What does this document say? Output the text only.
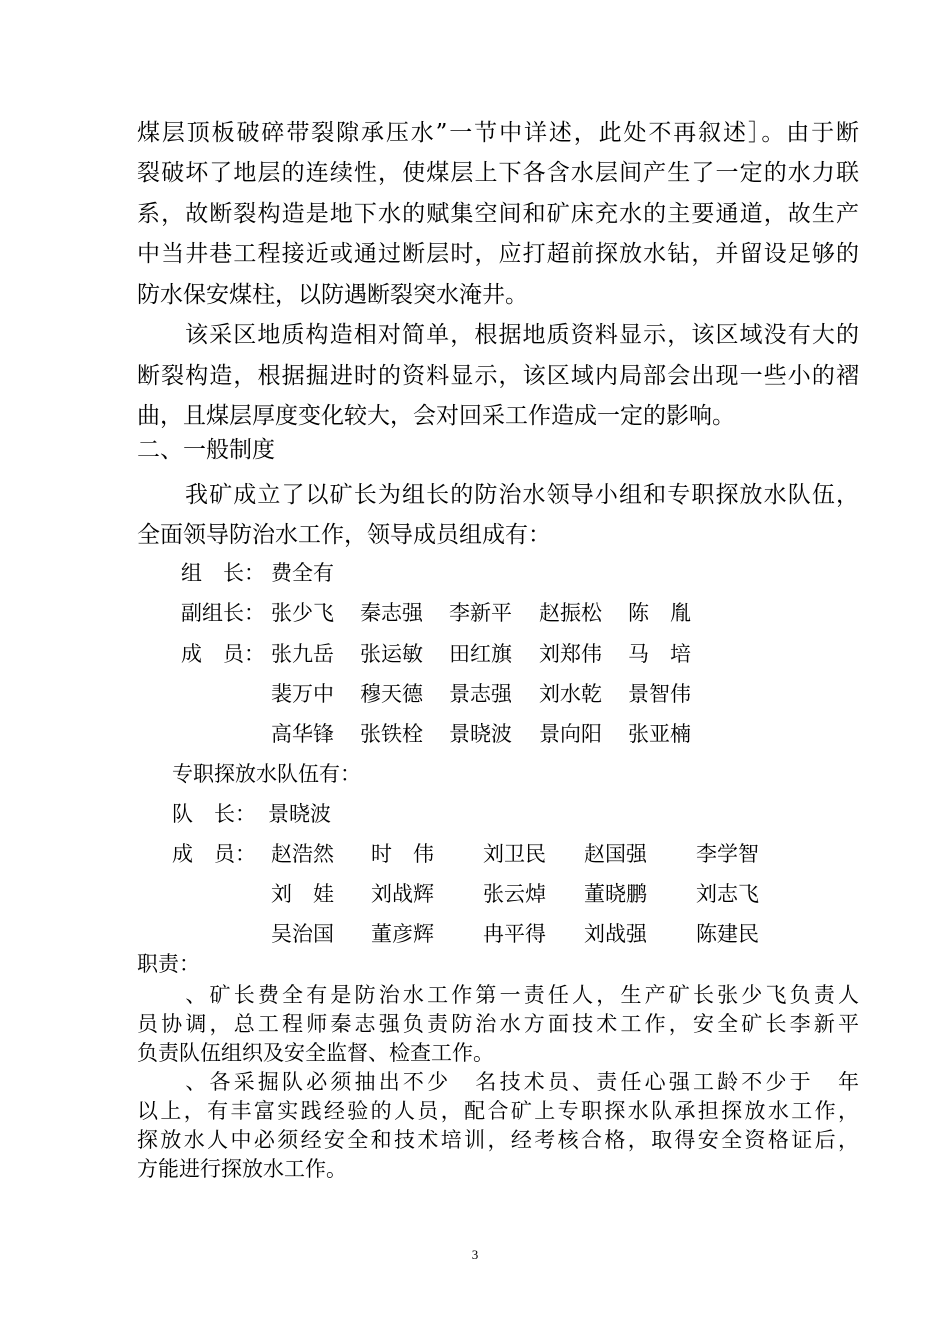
煤层顶板破碎带裂隙承压水”一节中详述，此处不再叙述］。由于断
裂破坏了地层的连续性，使煤层上下各含水层间产生了一定的水力联
系，故断裂构造是地下水的赋集空间和矿床充水的主要通道，故生产
中当井巷工程接近或通过断层时，应打超前探放水钻，并留设足够的
防水保安煤柱，以防遇断裂突水淹井。
该采区地质构造相对简单，根据地质资料显示，该区域没有大的
断裂构造，根据掘进时的资料显示，该区域内局部会出现一些小的褶
曲，且煤层厚度变化较大，会对回采工作造成一定的影响。
二、一般制度
我矿成立了以矿长为组长的防治水领导小组和专职探放水队伍，
全面领导防治水工作，领导成员组成有：
组　长： 费全有
副组长： 张少飞 秦志强 李新平 赵振松 陈　胤
成　员： 张九岳 张运敏 田红旗 刘郑伟 马　培
裴万中 穆天德 景志强 刘水乾 景智伟
高华锋 张铁栓 景晓波 景向阳 张亚楠
专职探放水队伍有：
队　长： 景晓波
成　员： 赵浩然 时　伟 刘卫民 赵国强 李学智
刘　娃 刘战辉 张云焯 董晓鹏 刘志飞
吴治国 董彦辉 冉平得 刘战强 陈建民
职责：
　　、矿长费全有是防治水工作第一责任人，生产矿长张少飞负责人
员协调，总工程师秦志强负责防治水方面技术工作，安全矿长李新平
负责队伍组织及安全监督、检查工作。
　　、各采掘队必须抽出不少　名技术员、责任心强工龄不少于　年
以上，有丰富实践经验的人员，配合矿上专职探水队承担探放水工作，
探放水人中必须经安全和技术培训，经考核合格，取得安全资格证后，
方能进行探放水工作。
3
